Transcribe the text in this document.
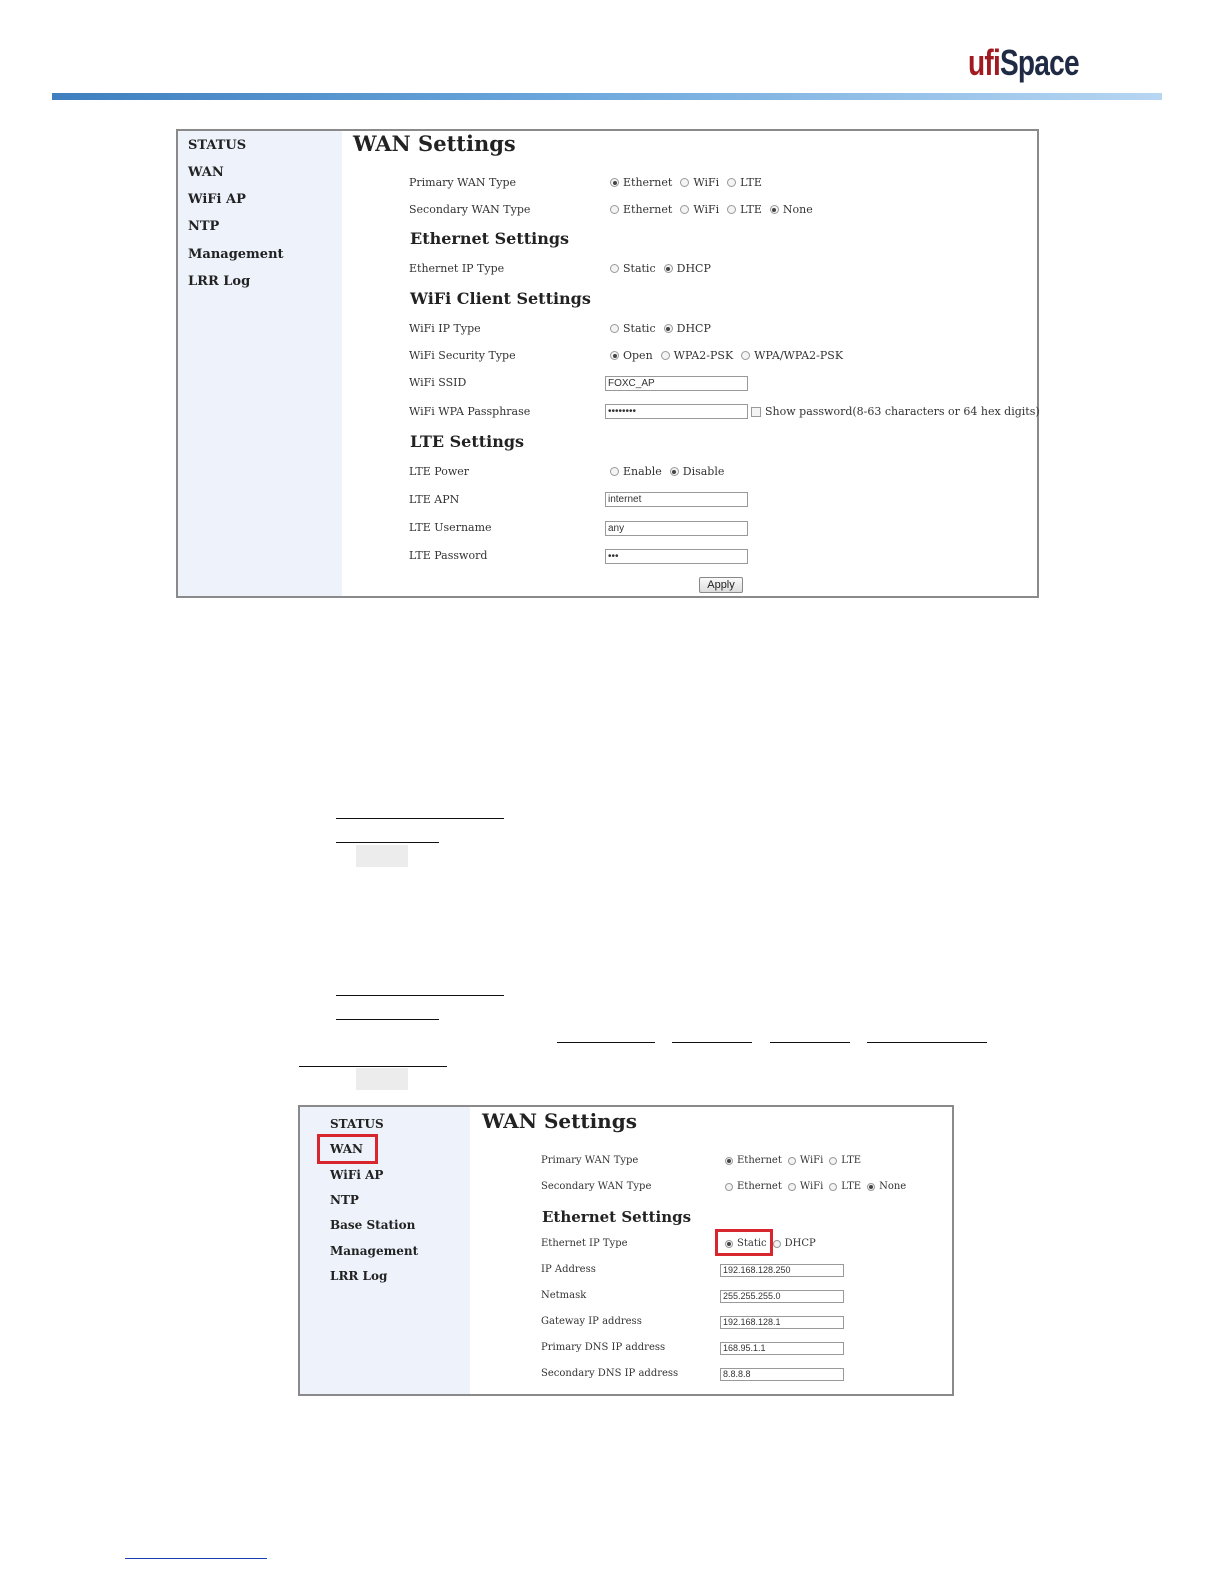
ufi Space
STATUS
WAN
WiFi AP
NTP
Management
LRR Log
WAN Settings
Primary WAN Type	Ethernet WiFi LTE
Secondary WAN Type	Ethernet WiFi LTE None
Ethernet Settings
Ethernet IP Type	Static DHCP
WiFi Client Settings
WiFi IP Type	Static DHCP
WiFi Security Type	Open WPA2-PSK WPA/WPA2-PSK
WiFi SSID	FOXC_AP
WiFi WPA Passphrase	••••••••	Show password(8-63 characters or 64 hex digits)
LTE Settings
LTE Power	Enable Disable
LTE APN	internet
LTE Username	any
LTE Password	•••
Apply
STATUS
WAN
WiFi AP
NTP
Base Station
Management
LRR Log
WAN Settings
Primary WAN Type	Ethernet WiFi LTE
Secondary WAN Type	Ethernet WiFi LTE None
Ethernet Settings
Ethernet IP Type	Static DHCP
IP Address	192.168.128.250
Netmask	255.255.255.0
Gateway IP address	192.168.128.1
Primary DNS IP address	168.95.1.1
Secondary DNS IP address	8.8.8.8
